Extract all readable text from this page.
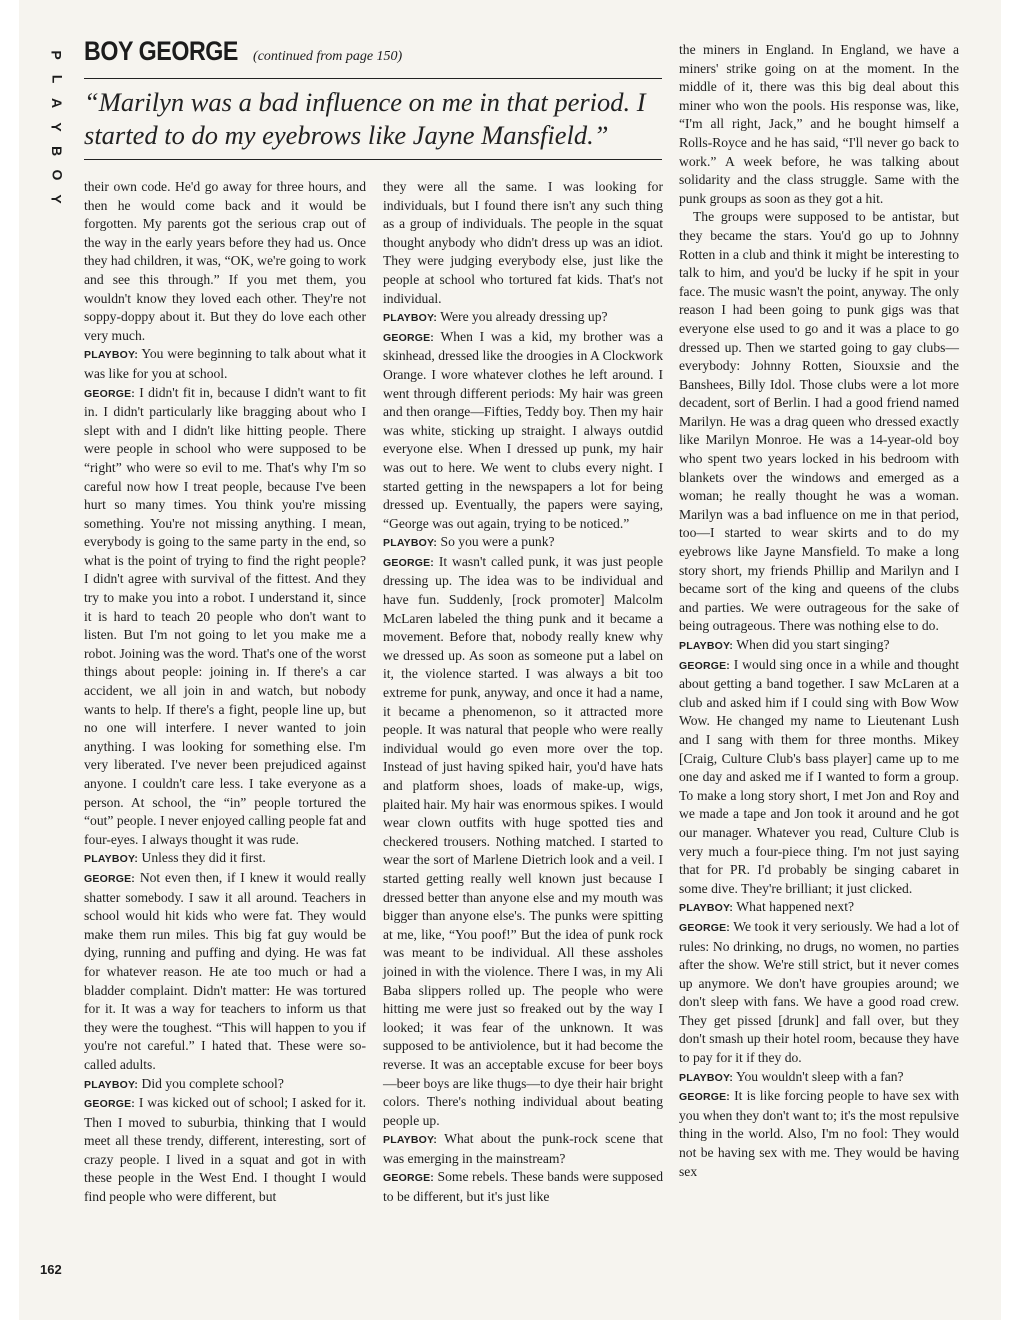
P
L
A
Y
B
O
Y
BOY GEORGE (continued from page 150)
“Marilyn was a bad influence on me in that period. I started to do my eyebrows like Jayne Mansfield.”

their own code. He'd go away for three hours, and then he would come back and it would be forgotten. My parents got the serious crap out of the way in the early years before they had us. Once they had children, it was, “OK, we're going to work and see this through.” If you met them, you wouldn't know they loved each other. They're not soppy-doppy about it. But they do love each other very much.

PLAYBOY: You were beginning to talk about what it was like for you at school.

GEORGE: I didn't fit in, because I didn't want to fit in. I didn't particularly like bragging about who I slept with and I didn't like hitting people. There were people in school who were supposed to be “right” who were so evil to me. That's why I'm so careful now how I treat people, because I've been hurt so many times. You think you're missing something. You're not missing anything. I mean, everybody is going to the same party in the end, so what is the point of trying to find the right people? I didn't agree with survival of the fittest. And they try to make you into a robot. I understand it, since it is hard to teach 20 people who don't want to listen. But I'm not going to let you make me a robot. Joining was the word. That's one of the worst things about people: joining in. If there's a car accident, we all join in and watch, but nobody wants to help. If there's a fight, people line up, but no one will interfere. I never wanted to join anything. I was looking for something else. I'm very liberated. I've never been prejudiced against anyone. I couldn't care less. I take everyone as a person. At school, the “in” people tortured the “out” people. I never enjoyed calling people fat and four-eyes. I always thought it was rude.

PLAYBOY: Unless they did it first.

GEORGE: Not even then, if I knew it would really shatter somebody. I saw it all around. Teachers in school would hit kids who were fat. They would make them run miles. This big fat guy would be dying, running and puffing and dying. He was fat for whatever reason. He ate too much or had a bladder complaint. Didn't matter: He was tortured for it. It was a way for teachers to inform us that they were the toughest. “This will happen to you if you're not careful.” I hated that. These were so-called adults.

PLAYBOY: Did you complete school?

GEORGE: I was kicked out of school; I asked for it. Then I moved to suburbia, thinking that I would meet all these trendy, different, interesting, sort of crazy people. I lived in a squat and got in with these people in the West End. I thought I would find people who were different, but

they were all the same. I was looking for individuals, but I found there isn't any such thing as a group of individuals. The people in the squat thought anybody who didn't dress up was an idiot. They were judging everybody else, just like the people at school who tortured fat kids. That's not individual.

PLAYBOY: Were you already dressing up?

GEORGE: When I was a kid, my brother was a skinhead, dressed like the droogies in A Clockwork Orange. I wore whatever clothes he left around. I went through different periods: My hair was green and then orange—Fifties, Teddy boy. Then my hair was white, sticking up straight. I always outdid everyone else. When I dressed up punk, my hair was out to here. We went to clubs every night. I started getting in the newspapers a lot for being dressed up. Eventually, the papers were saying, “George was out again, trying to be noticed.”

PLAYBOY: So you were a punk?

GEORGE: It wasn't called punk, it was just people dressing up. The idea was to be individual and have fun. Suddenly, [rock promoter] Malcolm McLaren labeled the thing punk and it became a movement. Before that, nobody really knew why we dressed up. As soon as someone put a label on it, the violence started. I was always a bit too extreme for punk, anyway, and once it had a name, it became a phenomenon, so it attracted more people. It was natural that people who were really individual would go even more over the top. Instead of just having spiked hair, you'd have hats and platform shoes, loads of make-up, wigs, plaited hair. My hair was enormous spikes. I would wear clown outfits with huge spotted ties and checkered trousers. Nothing matched. I started to wear the sort of Marlene Dietrich look and a veil. I started getting really well known just because I dressed better than anyone else and my mouth was bigger than anyone else's. The punks were spitting at me, like, “You poof!” But the idea of punk rock was meant to be individual. All these assholes joined in with the violence. There I was, in my Ali Baba slippers rolled up. The people who were hitting me were just so freaked out by the way I looked; it was fear of the unknown. It was supposed to be antiviolence, but it had become the reverse. It was an acceptable excuse for beer boys—beer boys are like thugs—to dye their hair bright colors. There's nothing individual about beating people up.

PLAYBOY: What about the punk-rock scene that was emerging in the mainstream?

GEORGE: Some rebels. These bands were supposed to be different, but it's just like

the miners in England. In England, we have a miners' strike going on at the moment. In the middle of it, there was this big deal about this miner who won the pools. His response was, like, “I'm all right, Jack,” and he bought himself a Rolls-Royce and he has said, “I'll never go back to work.” A week before, he was talking about solidarity and the class struggle. Same with the punk groups as soon as they got a hit.

The groups were supposed to be antistar, but they became the stars. You'd go up to Johnny Rotten in a club and think it might be interesting to talk to him, and you'd be lucky if he spit in your face. The music wasn't the point, anyway. The only reason I had been going to punk gigs was that everyone else used to go and it was a place to go dressed up. Then we started going to gay clubs—everybody: Johnny Rotten, Siouxsie and the Banshees, Billy Idol. Those clubs were a lot more decadent, sort of Berlin. I had a good friend named Marilyn. He was a drag queen who dressed exactly like Marilyn Monroe. He was a 14-year-old boy who spent two years locked in his bedroom with blankets over the windows and emerged as a woman; he really thought he was a woman. Marilyn was a bad influence on me in that period, too—I started to wear skirts and to do my eyebrows like Jayne Mansfield. To make a long story short, my friends Phillip and Marilyn and I became sort of the king and queens of the clubs and parties. We were outrageous for the sake of being outrageous. There was nothing else to do.

PLAYBOY: When did you start singing?

GEORGE: I would sing once in a while and thought about getting a band together. I saw McLaren at a club and asked him if I could sing with Bow Wow Wow. He changed my name to Lieutenant Lush and I sang with them for three months. Mikey [Craig, Culture Club's bass player] came up to me one day and asked me if I wanted to form a group. To make a long story short, I met Jon and Roy and we made a tape and Jon took it around and he got our manager. Whatever you read, Culture Club is very much a four-piece thing. I'm not just saying that for PR. I'd probably be singing cabaret in some dive. They're brilliant; it just clicked.

PLAYBOY: What happened next?

GEORGE: We took it very seriously. We had a lot of rules: No drinking, no drugs, no women, no parties after the show. We're still strict, but it never comes up anymore. We don't have groupies around; we don't sleep with fans. We have a good road crew. They get pissed [drunk] and fall over, but they don't smash up their hotel room, because they have to pay for it if they do.

PLAYBOY: You wouldn't sleep with a fan?

GEORGE: It is like forcing people to have sex with you when they don't want to; it's the most repulsive thing in the world. Also, I'm no fool: They would not be having sex with me. They would be having sex

162
